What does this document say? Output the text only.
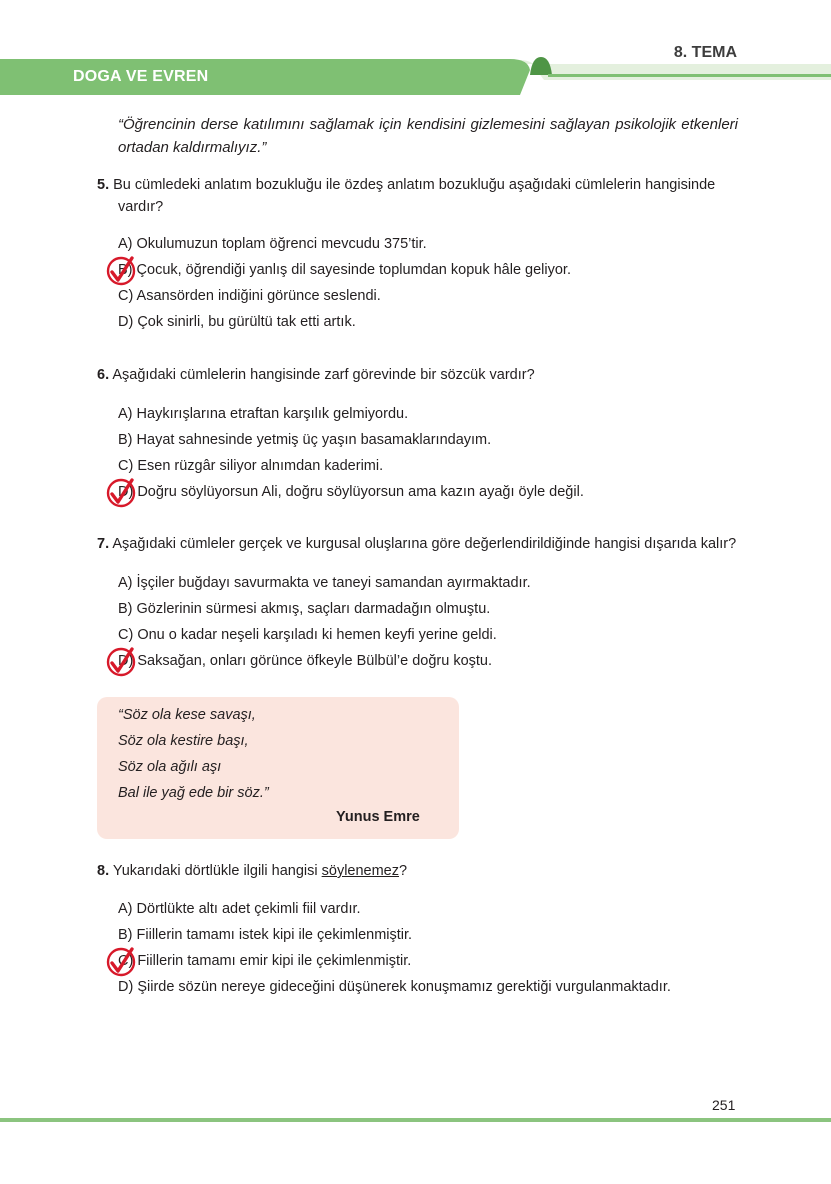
8. TEMA
DOGA VE EVREN

“Öğrencinin derse katılımını sağlamak için kendisini gizlemesini sağlayan psikolojik etkenleri ortadan kaldırmalıyız.”

5. Bu cümledeki anlatım bozukluğu ile özdeş anlatım bozukluğu aşağıdaki cümlelerin hangisinde
vardır?
A) Okulumuzun toplam öğrenci mevcudu 375’tir.
B) Çocuk, öğrendiği yanlış dil sayesinde toplumdan kopuk hâle geliyor.
C) Asansörden indiğini görünce seslendi.
D) Çok sinirli, bu gürültü tak etti artık.
6. Aşağıdaki cümlelerin hangisinde zarf görevinde bir sözcük vardır?
A) Haykırışlarına etraftan karşılık gelmiyordu.
B) Hayat sahnesinde yetmiş üç yaşın basamaklarındayım.
C) Esen rüzgâr siliyor alnımdan kaderimi.
D) Doğru söylüyorsun Ali, doğru söylüyorsun ama kazın ayağı öyle değil.
7. Aşağıdaki cümleler gerçek ve kurgusal oluşlarına göre değerlendirildiğinde hangisi dışarıda kalır?
A) İşçiler buğdayı savurmakta ve taneyi samandan ayırmaktadır.
B) Gözlerinin sürmesi akmış, saçları darmadağın olmuştu.
C) Onu o kadar neşeli karşıladı ki hemen keyfi yerine geldi.
D) Saksağan, onları görünce öfkeyle Bülbül’e doğru koştu.
“Söz ola kese savaşı,
Söz ola kestire başı,
Söz ola ağılı aşı
Bal ile yağ ede bir söz.”
Yunus Emre
8. Yukarıdaki dörtlükle ilgili hangisi söylenemez?
A) Dörtlükte altı adet çekimli fiil vardır.
B) Fiillerin tamamı istek kipi ile çekimlenmiştir.
C) Fiillerin tamamı emir kipi ile çekimlenmiştir.
D) Şiirde sözün nereye gideceğini düşünerek konuşmamız gerektiği vurgulanmaktadır.
251
